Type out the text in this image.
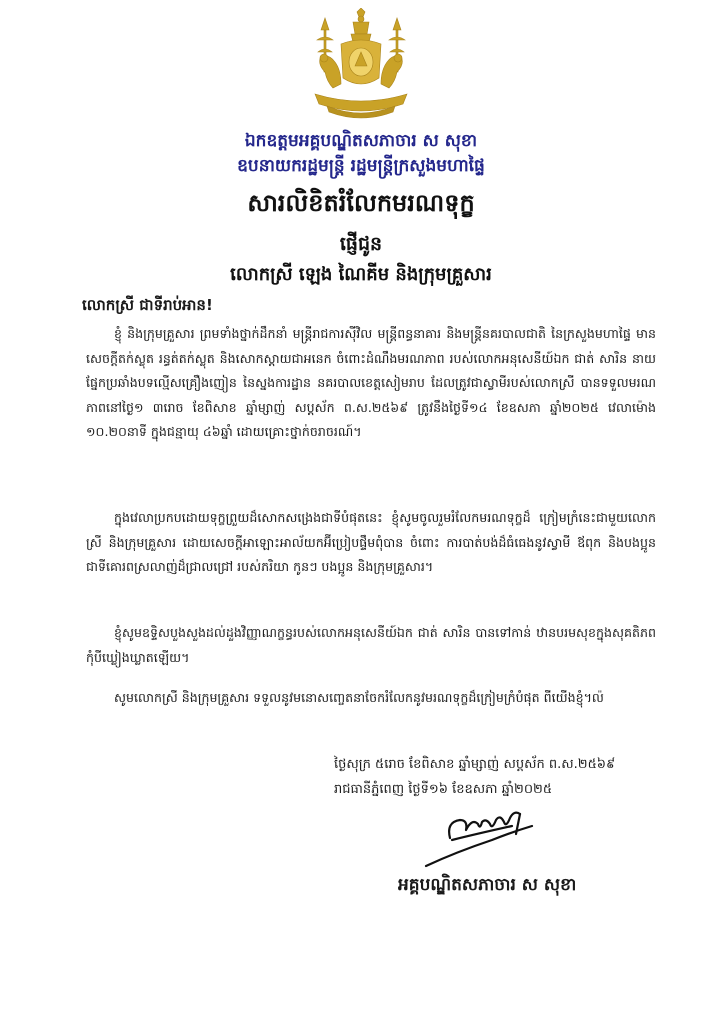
ឯកឧត្តមអគ្គបណ្ឌិតសភាចារ ស សុខា
ឧបនាយករដ្ឋមន្ត្រី រដ្ឋមន្ត្រីក្រសួងមហាផ្ទៃ
សារលិខិតរំលែកមរណទុក្ខ
ផ្ញើជូន
លោកស្រី ឡេង ណៃគីម និងក្រុមគ្រួសារ
លោកស្រី ជាទីរាប់អាន!
ខ្ញុំ និងក្រុមគ្រួសារ ព្រមទាំងថ្នាក់ដឹកនាំ មន្ត្រីរាជការស៊ីវិល មន្ត្រីពន្ធនាគារ និងមន្ត្រីនគរបាលជាតិ នៃក្រសួងមហាផ្ទៃ មានសេចក្តីតក់ស្លុត រន្ធត់តក់ស្លុត និងសោកស្តាយជាអនេក ចំពោះដំណឹងមរណភាព របស់លោកអនុសេនីយ៍ឯក ជាត់ សារិន នាយផ្នែកប្រឆាំងបទល្មើសគ្រឿងញៀន នៃស្នងការដ្ឋាន នគរបាលខេត្តសៀមរាប ដែលត្រូវជាស្វាមីរបស់លោកស្រី បានទទួលមរណភាពនៅថ្ងៃ១ ៣រោច ខែពិសាខ ឆ្នាំម្សាញ់ សប្តស័ក ព.ស.២៥៦៩ ត្រូវនឹងថ្ងៃទី១៤ ខែឧសភា ឆ្នាំ២០២៥ វេលាម៉ោង ១០.២០នាទី ក្នុងជន្មាយុ ៤៦ឆ្នាំ ដោយគ្រោះថ្នាក់ចរាចរណ៍។
ក្នុងវេលាប្រកបដោយទុក្ខព្រួយដ៏សោកសង្រេងជាទីបំផុតនេះ ខ្ញុំសូមចូលរួមរំលែកមរណទុក្ខដ៏ ក្រៀមក្រំនេះជាមួយលោកស្រី និងក្រុមគ្រួសារ ដោយសេចក្តីអាឡោះអាល័យកអ៊ីប្រៀបផ្ទឹមពុំបាន ចំពោះ ការបាត់បង់ដ៏ធំធេងនូវស្វាមី ឪពុក និងបងប្អូន ជាទីគោរពស្រលាញ់ដ៏ជ្រាលជ្រៅ របស់ភរិយា កូនៗ បងប្អូន និងក្រុមគ្រួសារ។
ខ្ញុំសូមឧទ្ទិសបួងសួងដល់ដួងវិញ្ញាណក្ខន្ធរបស់លោកអនុសេនីយ៍ឯក ជាត់ សារិន បានទៅកាន់ ឋានបរមសុខក្នុងសុគតិភព កុំបីឃ្លៀងឃ្លាតឡើយ។
សូមលោកស្រី និងក្រុមគ្រួសារ ទទួលនូវមនោសញ្ចេតនាចែករំលែកនូវមរណទុក្ខដ៏ក្រៀមក្រំបំផុត ពីយើងខ្ញុំ។ល៉
ថ្ងៃសុក្រ ៥រោច ខែពិសាខ ឆ្នាំម្សាញ់ សប្តស័ក ព.ស.២៥៦៩
រាជធានីភ្នំពេញ ថ្ងៃទី១៦ ខែឧសភា ឆ្នាំ២០២៥
អគ្គបណ្ឌិតសភាចារ ស សុខា
